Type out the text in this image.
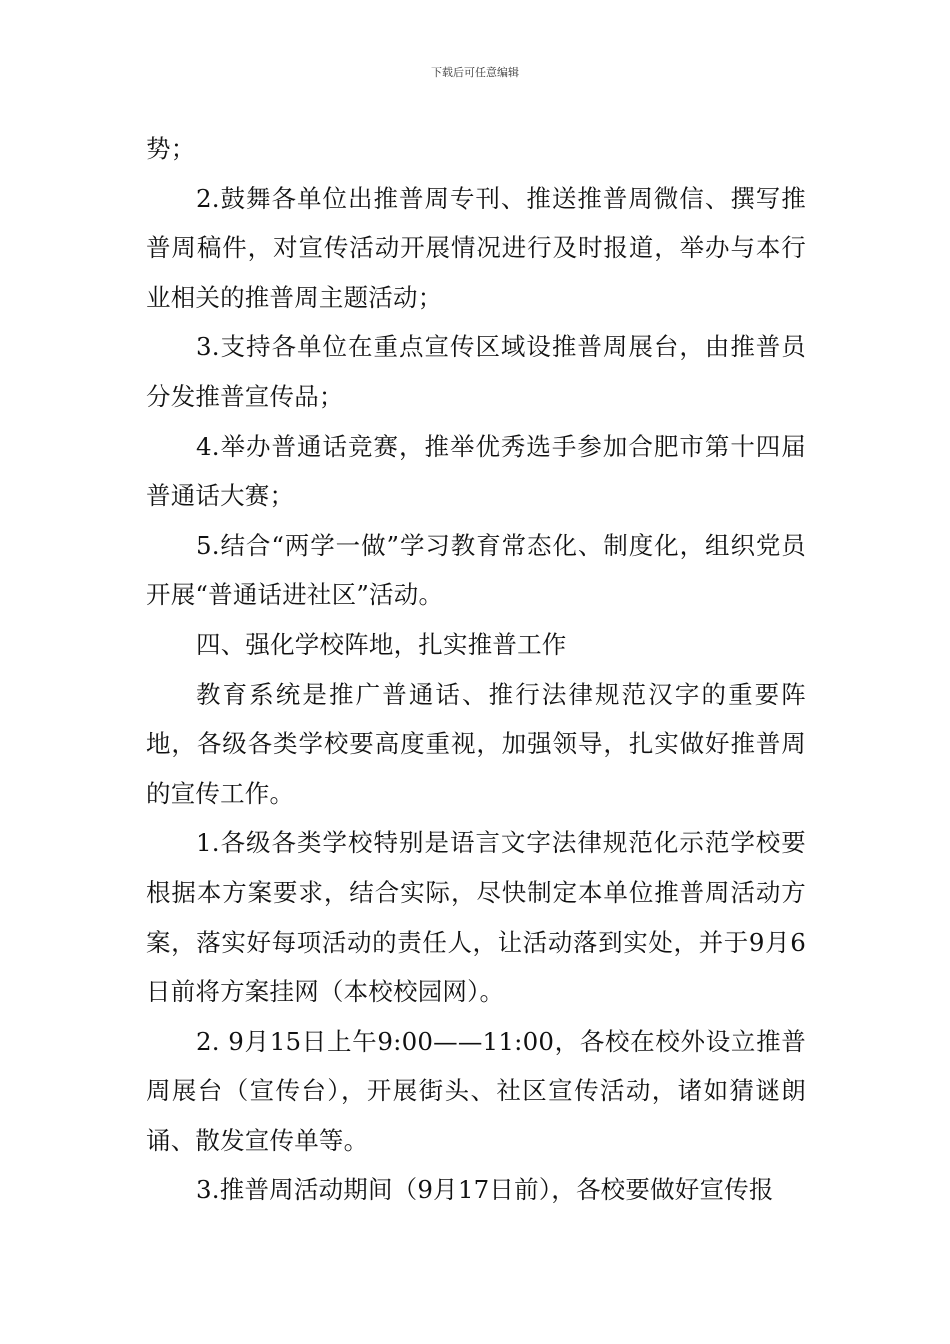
下载后可任意编辑

势；

2.鼓舞各单位出推普周专刊、推送推普周微信、撰写推普周稿件，对宣传活动开展情况进行及时报道，举办与本行业相关的推普周主题活动；

3.支持各单位在重点宣传区域设推普周展台，由推普员分发推普宣传品；

4.举办普通话竞赛，推举优秀选手参加合肥市第十四届普通话大赛；

5.结合“两学一做”学习教育常态化、制度化，组织党员开展“普通话进社区”活动。

四、强化学校阵地，扎实推普工作

教育系统是推广普通话、推行法律规范汉字的重要阵地，各级各类学校要高度重视，加强领导，扎实做好推普周的宣传工作。

1.各级各类学校特别是语言文字法律规范化示范学校要根据本方案要求，结合实际，尽快制定本单位推普周活动方案，落实好每项活动的责任人，让活动落到实处，并于9月6日前将方案挂网（本校校园网）。

2. 9月15日上午9:00——11:00，各校在校外设立推普周展台（宣传台），开展街头、社区宣传活动，诸如猜谜朗诵、散发宣传单等。

3.推普周活动期间（9月17日前），各校要做好宣传报
